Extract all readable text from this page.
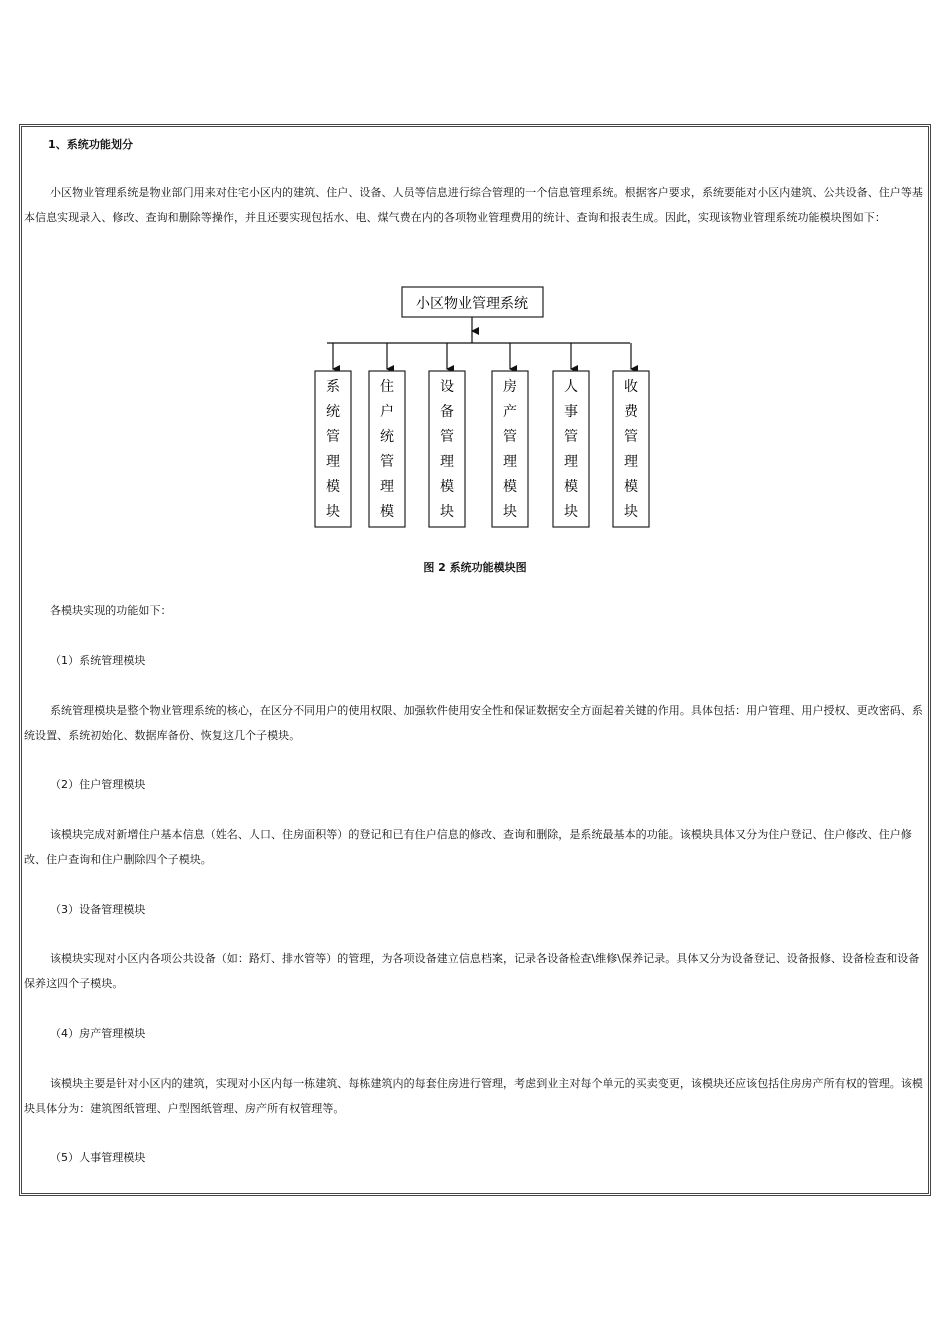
1、系统功能划分
小区物业管理系统是物业部门用来对住宅小区内的建筑、住户、设备、人员等信息进行综合管理的一个信息管理系统。根据客户要求，系统要能对小区内建筑、公共设备、住户等基本信息实现录入、修改、查询和删除等操作，并且还要实现包括水、电、煤气费在内的各项物业管理费用的统计、查询和报表生成。因此，实现该物业管理系统功能模块图如下：
小区物业管理系统
系
统
管
理
模
块
住
户
统
管
理
模
设
备
管
理
模
块
房
产
管
理
模
块
人
事
管
理
模
块
收
费
管
理
模
块
图 2 系统功能模块图
各模块实现的功能如下：
（1）系统管理模块
系统管理模块是整个物业管理系统的核心，在区分不同用户的使用权限、加强软件使用安全性和保证数据安全方面起着关键的作用。具体包括：用户管理、用户授权、更改密码、系统设置、系统初始化、数据库备份、恢复这几个子模块。
（2）住户管理模块
该模块完成对新增住户基本信息（姓名、人口、住房面积等）的登记和已有住户信息的修改、查询和删除，是系统最基本的功能。该模块具体又分为住户登记、住户修改、住户修改、住户查询和住户删除四个子模块。
（3）设备管理模块
该模块实现对小区内各项公共设备（如：路灯、排水管等）的管理，为各项设备建立信息档案，记录各设备检查\维修\保养记录。具体又分为设备登记、设备报修、设备检查和设备保养这四个子模块。
（4）房产管理模块
该模块主要是针对小区内的建筑，实现对小区内每一栋建筑、每栋建筑内的每套住房进行管理，考虑到业主对每个单元的买卖变更，该模块还应该包括住房房产所有权的管理。该模块具体分为：建筑图纸管理、户型图纸管理、房产所有权管理等。
（5）人事管理模块
